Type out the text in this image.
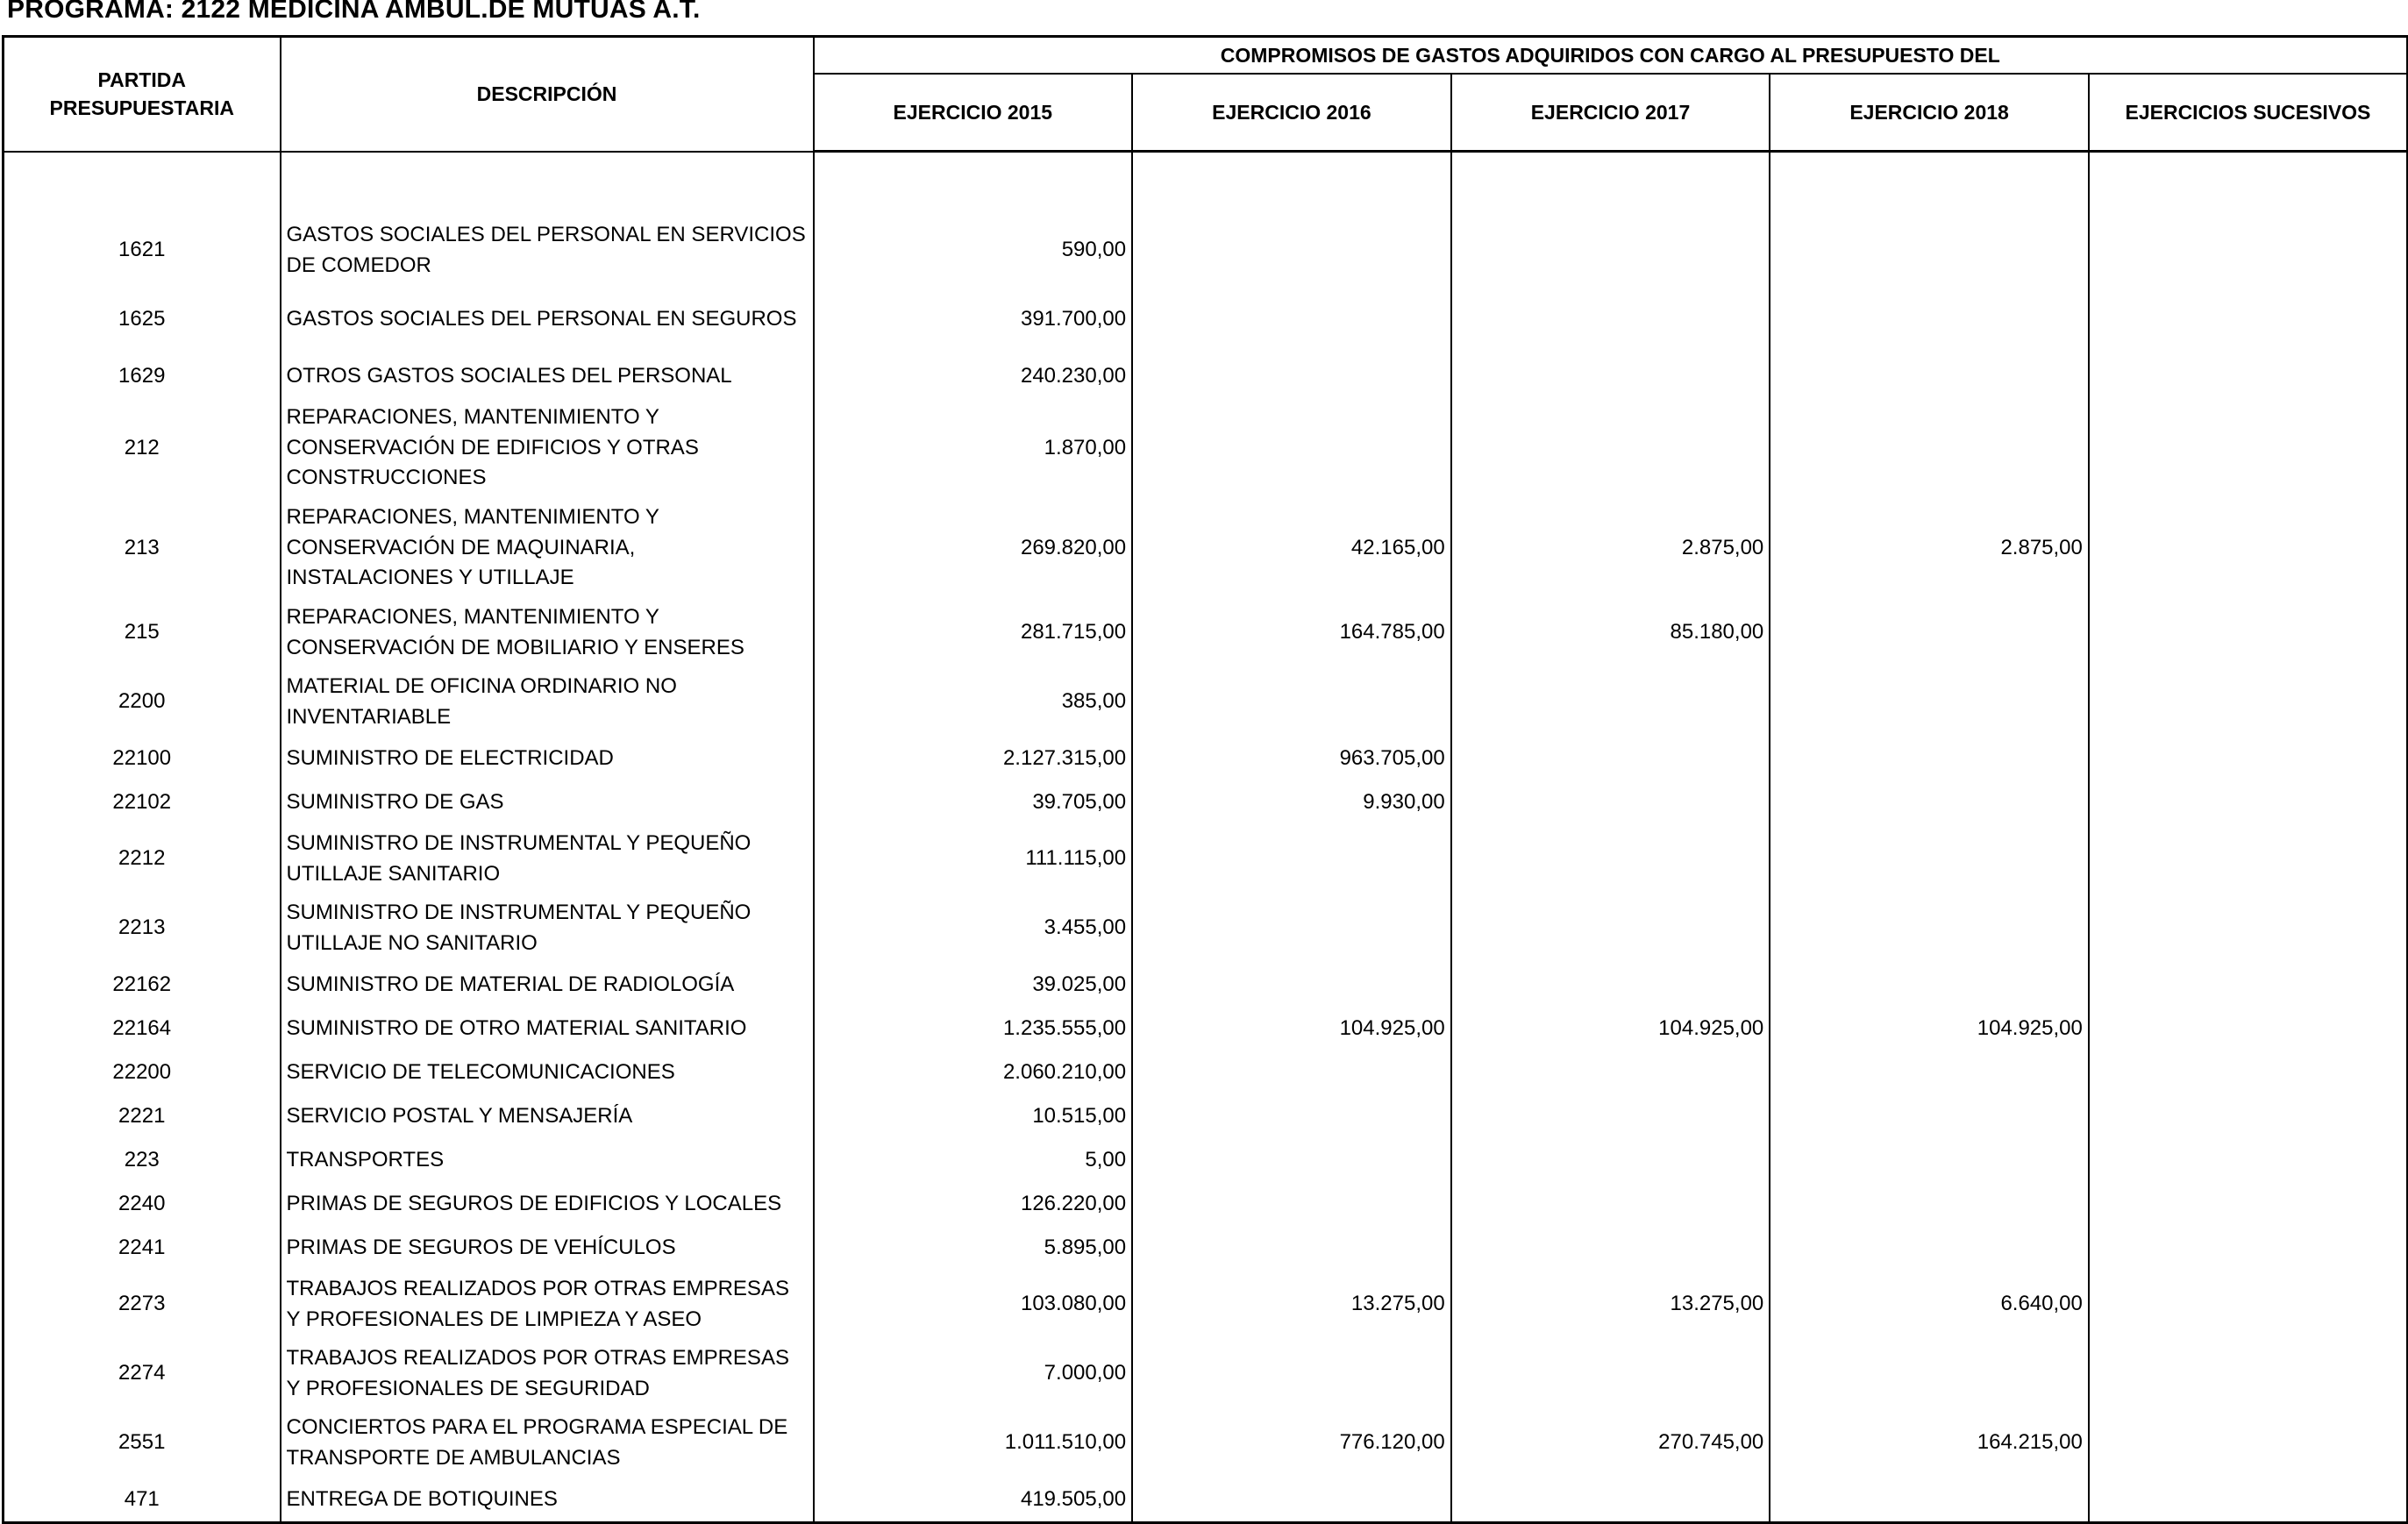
PROGRAMA: 2122 MEDICINA AMBUL.DE MUTUAS A.T.
PARTIDA PRESUPUESTARIA	DESCRIPCIÓN	COMPROMISOS DE GASTOS ADQUIRIDOS CON CARGO AL PRESUPUESTO DEL				
		EJERCICIO 2015	EJERCICIO 2016	EJERCICIO 2017	EJERCICIO 2018	EJERCICIOS SUCESIVOS

1621	GASTOS SOCIALES DEL PERSONAL EN SERVICIOS DE COMEDOR	590,00				
1625	GASTOS SOCIALES DEL PERSONAL EN SEGUROS	391.700,00				
1629	OTROS GASTOS SOCIALES DEL PERSONAL	240.230,00				
212	REPARACIONES, MANTENIMIENTO Y CONSERVACIÓN DE EDIFICIOS Y OTRAS CONSTRUCCIONES	1.870,00				
213	REPARACIONES, MANTENIMIENTO Y CONSERVACIÓN DE MAQUINARIA, INSTALACIONES Y UTILLAJE	269.820,00	42.165,00	2.875,00	2.875,00	
215	REPARACIONES, MANTENIMIENTO Y CONSERVACIÓN DE MOBILIARIO Y ENSERES	281.715,00	164.785,00	85.180,00		
2200	MATERIAL DE OFICINA ORDINARIO NO INVENTARIABLE	385,00				
22100	SUMINISTRO DE ELECTRICIDAD	2.127.315,00	963.705,00			
22102	SUMINISTRO DE GAS	39.705,00	9.930,00			
2212	SUMINISTRO DE INSTRUMENTAL Y PEQUEÑO UTILLAJE SANITARIO	111.115,00				
2213	SUMINISTRO DE INSTRUMENTAL Y PEQUEÑO UTILLAJE NO SANITARIO	3.455,00				
22162	SUMINISTRO DE MATERIAL DE RADIOLOGÍA	39.025,00				
22164	SUMINISTRO DE OTRO MATERIAL SANITARIO	1.235.555,00	104.925,00	104.925,00	104.925,00	
22200	SERVICIO DE TELECOMUNICACIONES	2.060.210,00				
2221	SERVICIO POSTAL Y MENSAJERÍA	10.515,00				
223	TRANSPORTES	5,00				
2240	PRIMAS DE SEGUROS DE EDIFICIOS Y LOCALES	126.220,00				
2241	PRIMAS DE SEGUROS DE VEHÍCULOS	5.895,00				
2273	TRABAJOS REALIZADOS POR OTRAS EMPRESAS Y PROFESIONALES DE LIMPIEZA Y ASEO	103.080,00	13.275,00	13.275,00	6.640,00	
2274	TRABAJOS REALIZADOS POR OTRAS EMPRESAS Y PROFESIONALES DE SEGURIDAD	7.000,00				
2551	CONCIERTOS PARA EL PROGRAMA ESPECIAL DE TRANSPORTE DE AMBULANCIAS	1.011.510,00	776.120,00	270.745,00	164.215,00	
471	ENTREGA DE BOTIQUINES	419.505,00				
